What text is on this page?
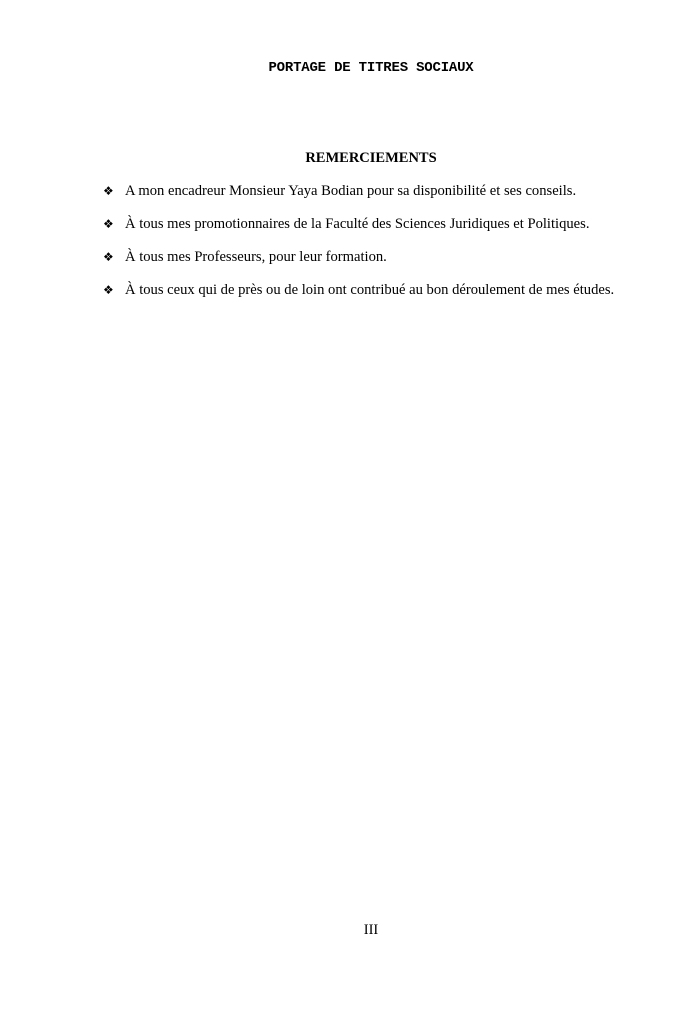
PORTAGE DE TITRES SOCIAUX
REMERCIEMENTS
❖ A mon encadreur Monsieur Yaya Bodian pour sa disponibilité et ses conseils.
❖ À tous mes promotionnaires de la Faculté des Sciences Juridiques et Politiques.
❖ À tous mes Professeurs, pour leur formation.
❖ À tous ceux qui de près ou de loin ont contribué au bon déroulement de mes études.
III
